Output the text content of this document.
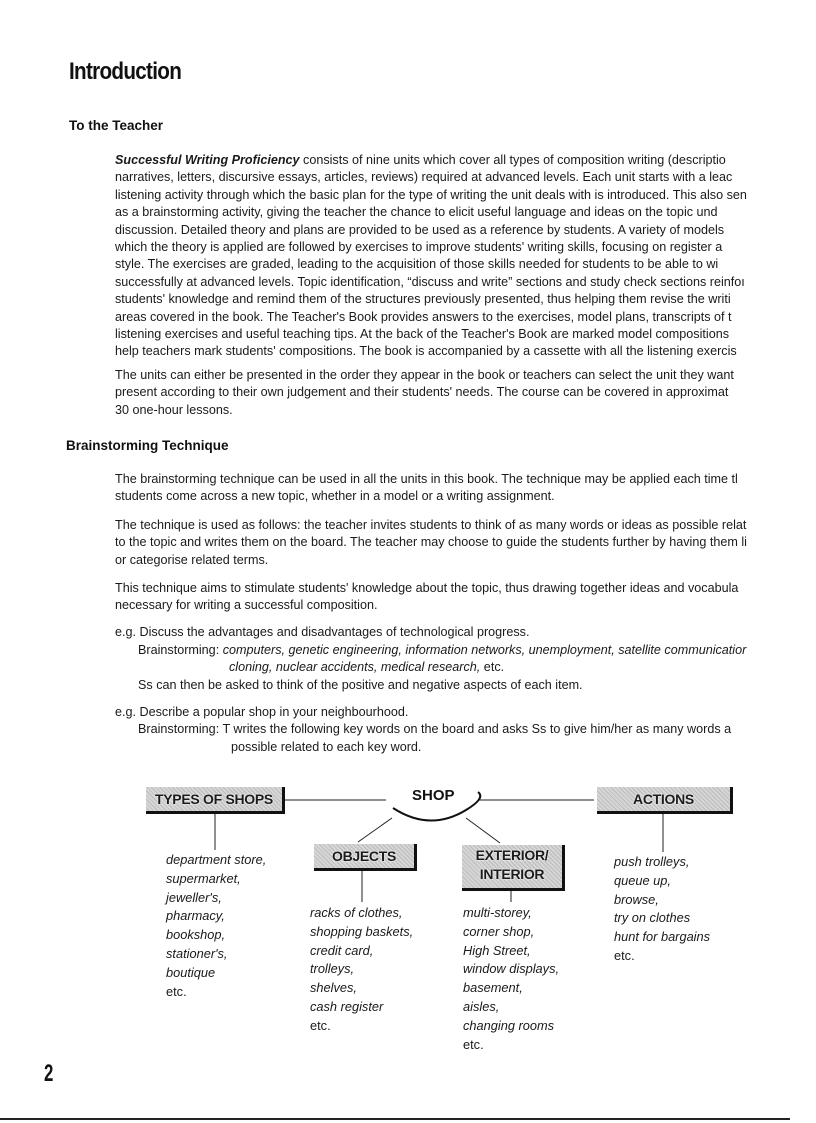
Introduction
To the Teacher
Successful Writing Proficiency consists of nine units which cover all types of composition writing (descriptio
narratives, letters, discursive essays, articles, reviews) required at advanced levels. Each unit starts with a leac
listening activity through which the basic plan for the type of writing the unit deals with is introduced. This also sen
as a brainstorming activity, giving the teacher the chance to elicit useful language and ideas on the topic und
discussion. Detailed theory and plans are provided to be used as a reference by students. A variety of models
which the theory is applied are followed by exercises to improve students' writing skills, focusing on register a
style. The exercises are graded, leading to the acquisition of those skills needed for students to be able to wi
successfully at advanced levels. Topic identification, “discuss and write” sections and study check sections reinfoı
students' knowledge and remind them of the structures previously presented, thus helping them revise the writi
areas covered in the book. The Teacher's Book provides answers to the exercises, model plans, transcripts of t
listening exercises and useful teaching tips. At the back of the Teacher's Book are marked model compositions
help teachers mark students' compositions. The book is accompanied by a cassette with all the listening exercis
The units can either be presented in the order they appear in the book or teachers can select the unit they want
present according to their own judgement and their students' needs. The course can be covered in approximat
30 one-hour lessons.
Brainstorming Technique
The brainstorming technique can be used in all the units in this book. The technique may be applied each time tl
students come across a new topic, whether in a model or a writing assignment.
The technique is used as follows: the teacher invites students to think of as many words or ideas as possible relat
to the topic and writes them on the board. The teacher may choose to guide the students further by having them li
or categorise related terms.
This technique aims to stimulate students' knowledge about the topic, thus drawing together ideas and vocabula
necessary for writing a successful composition.
e.g. Discuss the advantages and disadvantages of technological progress.
Brainstorming: computers, genetic engineering, information networks, unemployment, satellite communicatior
cloning, nuclear accidents, medical research, etc.
Ss can then be asked to think of the positive and negative aspects of each item.
e.g. Describe a popular shop in your neighbourhood.
Brainstorming: T writes the following key words on the board and asks Ss to give him/her as many words a
possible related to each key word.
TYPES OF SHOPS	SHOP	ACTIONS
OBJECTS	EXTERIOR/
INTERIOR
department store,
supermarket,
jeweller's,
pharmacy,
bookshop,
stationer's,
boutique
etc.
racks of clothes,
shopping baskets,
credit card,
trolleys,
shelves,
cash register
etc.
multi-storey,
corner shop,
High Street,
window displays,
basement,
aisles,
changing rooms
etc.
push trolleys,
queue up,
browse,
try on clothes
hunt for bargains
etc.
2
